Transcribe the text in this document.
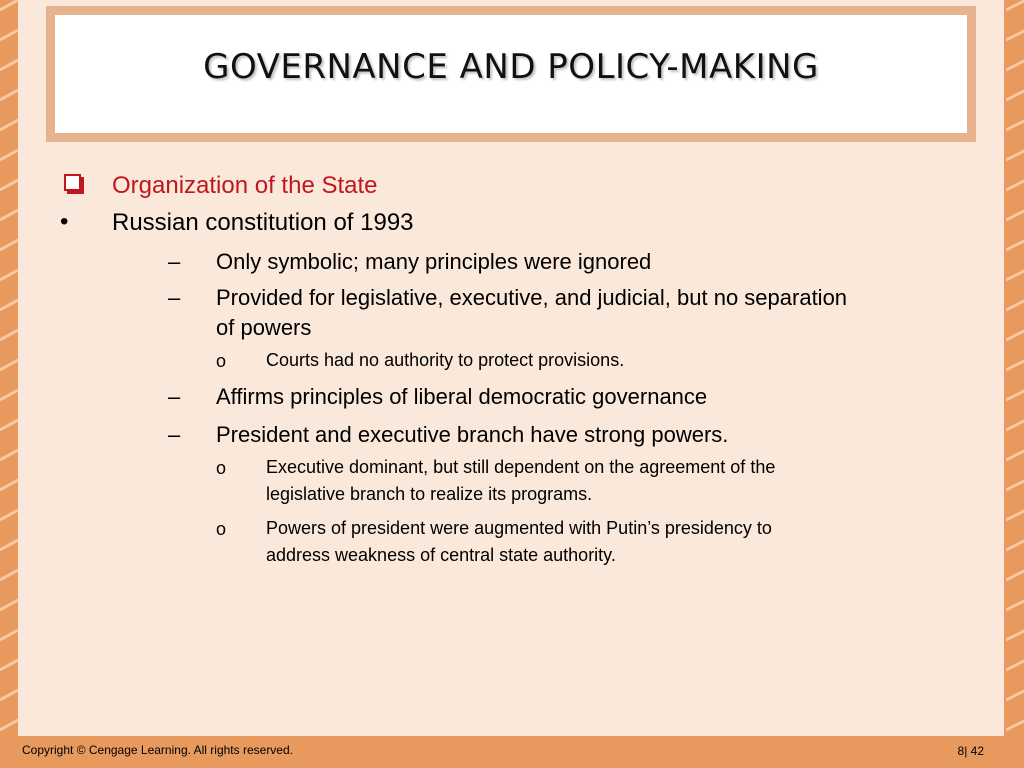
GOVERNANCE AND POLICY-MAKING
Organization of the State
• Russian constitution of 1993
– Only symbolic; many principles were ignored
– Provided for legislative, executive, and judicial, but no separation
of powers
o Courts had no authority to protect provisions.
– Affirms principles of liberal democratic governance
– President and executive branch have strong powers.
o Executive dominant, but still dependent on the agreement of the
legislative branch to realize its programs.
o Powers of president were augmented with Putin’s presidency to
address weakness of central state authority.
Copyright © Cengage Learning. All rights reserved.	8| 42
